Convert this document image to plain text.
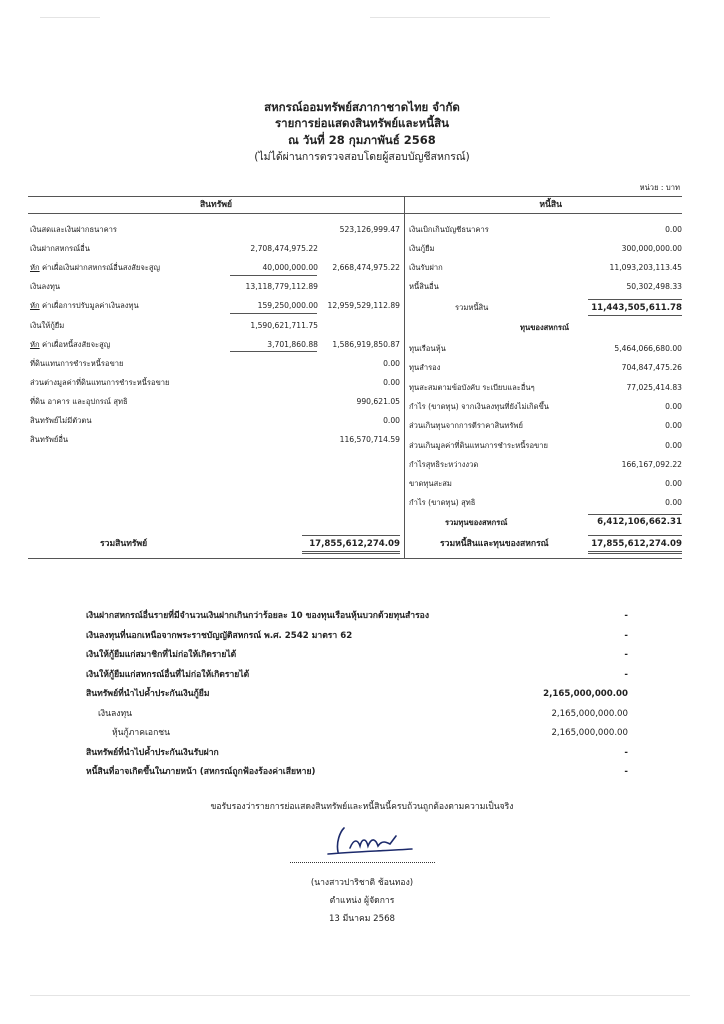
สหกรณ์ออมทรัพย์สภากาชาดไทย จำกัด
รายการย่อแสดงสินทรัพย์และหนี้สิน
ณ วันที่ 28 กุมภาพันธ์ 2568
(ไม่ได้ผ่านการตรวจสอบโดยผู้สอบบัญชีสหกรณ์)
หน่วย : บาท
สินทรัพย์	หนี้สิน
เงินสดและเงินฝากธนาคาร	523,126,999.47
เงินฝากสหกรณ์อื่น	2,708,474,975.22
หัก ค่าเผื่อเงินฝากสหกรณ์อื่นสงสัยจะสูญ	40,000,000.00	2,668,474,975.22
เงินลงทุน	13,118,779,112.89
หัก ค่าเผื่อการปรับมูลค่าเงินลงทุน	159,250,000.00	12,959,529,112.89
เงินให้กู้ยืม	1,590,621,711.75
หัก ค่าเผื่อหนี้สงสัยจะสูญ	3,701,860.88	1,586,919,850.87
ที่ดินแทนการชำระหนี้รอขาย	0.00
ส่วนต่างมูลค่าที่ดินแทนการชำระหนี้รอขาย	0.00
ที่ดิน อาคาร และอุปกรณ์ สุทธิ	990,621.05
สินทรัพย์ไม่มีตัวตน	0.00
สินทรัพย์อื่น	116,570,714.59
รวมสินทรัพย์	17,855,612,274.09
เงินเบิกเกินบัญชีธนาคาร	0.00
เงินกู้ยืม	300,000,000.00
เงินรับฝาก	11,093,203,113.45
หนี้สินอื่น	50,302,498.33
รวมหนี้สิน	11,443,505,611.78
ทุนของสหกรณ์
ทุนเรือนหุ้น	5,464,066,680.00
ทุนสำรอง	704,847,475.26
ทุนสะสมตามข้อบังคับ ระเบียบและอื่นๆ	77,025,414.83
กำไร (ขาดทุน) จากเงินลงทุนที่ยังไม่เกิดขึ้น	0.00
ส่วนเกินทุนจากการตีราคาสินทรัพย์	0.00
ส่วนเกินมูลค่าที่ดินแทนการชำระหนี้รอขาย	0.00
กำไรสุทธิระหว่างงวด	166,167,092.22
ขาดทุนสะสม	0.00
กำไร (ขาดทุน) สุทธิ	0.00
รวมทุนของสหกรณ์	6,412,106,662.31
รวมหนี้สินและทุนของสหกรณ์	17,855,612,274.09
เงินฝากสหกรณ์อื่นรายที่มีจำนวนเงินฝากเกินกว่าร้อยละ 10 ของทุนเรือนหุ้นบวกด้วยทุนสำรอง	-
เงินลงทุนที่นอกเหนือจากพระราชบัญญัติสหกรณ์ พ.ศ. 2542 มาตรา 62	-
เงินให้กู้ยืมแก่สมาชิกที่ไม่ก่อให้เกิดรายได้	-
เงินให้กู้ยืมแก่สหกรณ์อื่นที่ไม่ก่อให้เกิดรายได้	-
สินทรัพย์ที่นำไปค้ำประกันเงินกู้ยืม	2,165,000,000.00
เงินลงทุน	2,165,000,000.00
หุ้นกู้ภาคเอกชน	2,165,000,000.00
สินทรัพย์ที่นำไปค้ำประกันเงินรับฝาก	-
หนี้สินที่อาจเกิดขึ้นในภายหน้า (สหกรณ์ถูกฟ้องร้องค่าเสียหาย)	-
ขอรับรองว่ารายการย่อแสดงสินทรัพย์และหนี้สินนี้ครบถ้วนถูกต้องตามความเป็นจริง
(นางสาวปาริชาติ ช้อนทอง)
ตำแหน่ง ผู้จัดการ
13 มีนาคม 2568
